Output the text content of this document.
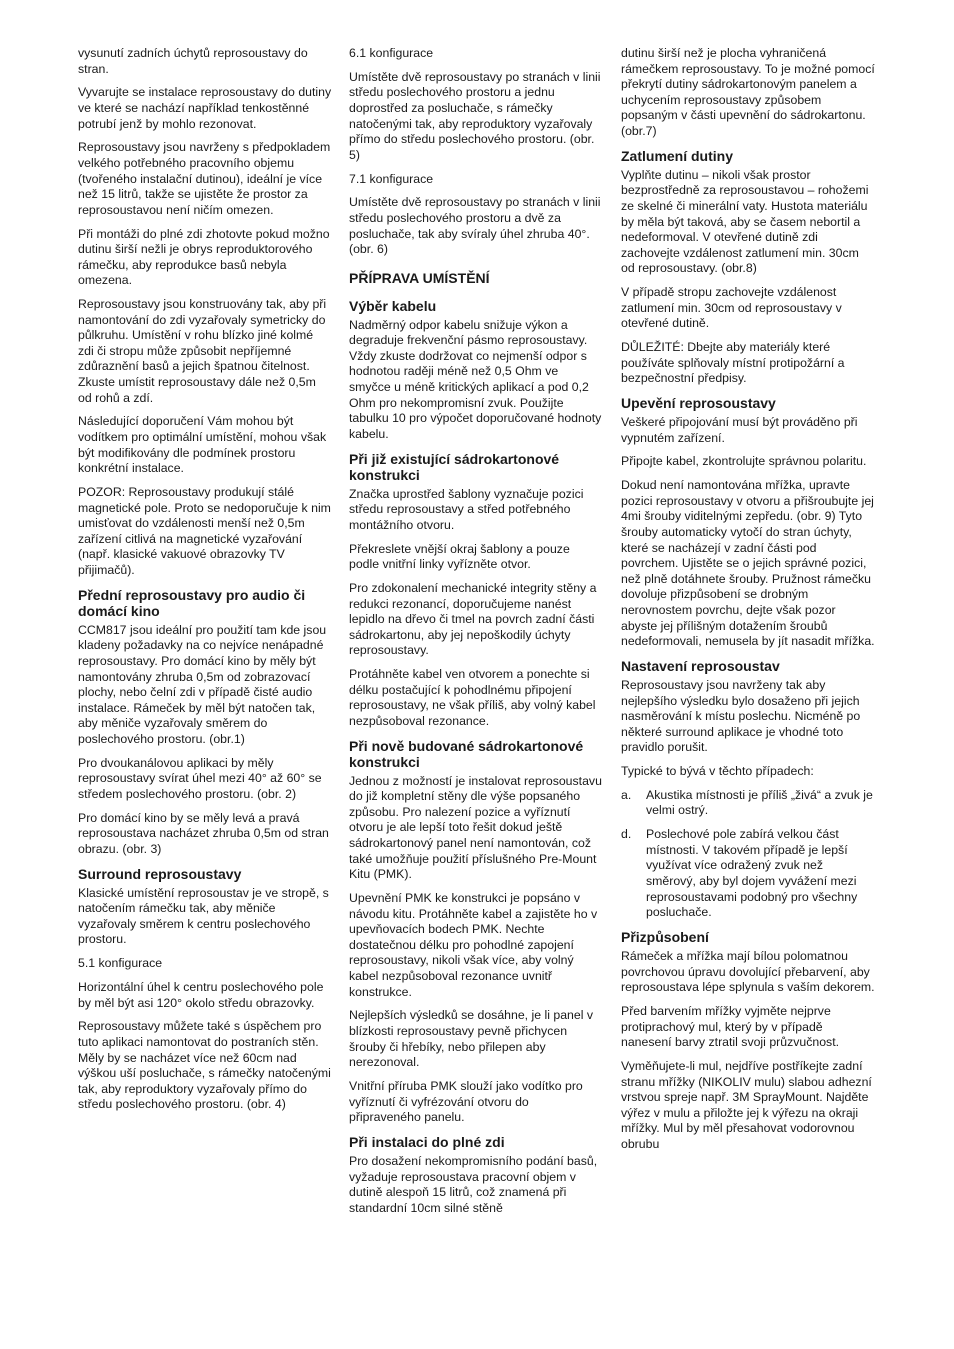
vysunutí zadních úchytů reprosoustavy do stran.

Vyvarujte se instalace reprosoustavy do dutiny ve které se nachází například tenkostěnné potrubí jenž by mohlo rezonovat.

Reprosoustavy jsou navrženy s předpokladem velkého potřebného pracovního objemu (tvořeného instalační dutinou), ideální je více než 15 litrů, takže se ujistěte že prostor za reprosoustavou není ničím omezen.

Při montáži do plné zdi zhotovte pokud možno dutinu širší nežli je obrys reproduktorového rámečku, aby reprodukce basů nebyla omezena.

Reprosoustavy jsou konstruovány tak, aby při namontování do zdi vyzařovaly symetricky do půlkruhu. Umístění v rohu blízko jiné kolmé zdi či stropu může způsobit nepříjemné zdůraznění basů a jejich špatnou čitelnost. Zkuste umístit reprosoustavy dále než 0,5m od rohů a zdí.

Následující doporučení Vám mohou být vodítkem pro optimální umístění, mohou však být modifikovány dle podmínek prostoru konkrétní instalace.

POZOR: Reprosoustavy produkují stálé magnetické pole. Proto se nedoporučuje k nim umisťovat do vzdálenosti menší než 0,5m zařízení citlivá na magnetické vyzařování (např. klasické vakuové obrazovky TV přijimačů).

Přední reprosoustavy pro audio či domácí kino

CCM817 jsou ideální pro použití tam kde jsou kladeny požadavky na co nejvíce nenápadné reprosoustavy. Pro domácí kino by měly být namontovány zhruba 0,5m od zobrazovací plochy, nebo čelní zdi v případě čisté audio instalace. Rámeček by měl být natočen tak, aby měniče vyzařovaly směrem do poslechového prostoru. (obr.1)

Pro dvoukanálovou aplikaci by měly reprosoustavy svírat úhel mezi 40° až 60° se středem poslechového prostoru. (obr. 2)

Pro domácí kino by se měly levá a pravá reprosoustava nacházet zhruba 0,5m od stran obrazu. (obr. 3)

Surround reprosoustavy

Klasické umístění reprosoustav je ve stropě, s natočením rámečku tak, aby měniče vyzařovaly směrem k centru poslechového prostoru.

5.1 konfigurace

Horizontální úhel k centru poslechového pole by měl být asi 120° okolo středu obrazovky.

Reprosoustavy můžete také s úspěchem pro tuto aplikaci namontovat do postraních stěn. Měly by se nacházet více než 60cm nad výškou uší posluchače, s rámečky natočenými tak, aby reproduktory vyzařovaly přímo do středu poslechového prostoru. (obr. 4)

6.1 konfigurace

Umístěte dvě reprosoustavy po stranách v linii středu poslechového prostoru a jednu doprostřed za posluchače, s rámečky natočenými tak, aby reproduktory vyzařovaly přímo do středu poslechového prostoru. (obr. 5)

7.1 konfigurace

Umístěte dvě reprosoustavy po stranách v linii středu poslechového prostoru a dvě za posluchače, tak aby svíraly úhel zhruba 40°. (obr. 6)

PŘÍPRAVA UMÍSTĚNÍ
Výběr kabelu

Nadměrný odpor kabelu snižuje výkon a degraduje frekvenční pásmo reprosoustavy. Vždy zkuste dodržovat co nejmenší odpor s hodnotou raději méně než 0,5 Ohm ve smyčce u méně kritických aplikací a pod 0,2 Ohm pro nekompromisní zvuk. Použijte tabulku 10 pro výpočet doporučované hodnoty kabelu.

Při již existující sádrokartonové konstrukci

Značka uprostřed šablony vyznačuje pozici středu reprosoustavy a střed potřebného montážního otvoru.

Překreslete vnější okraj šablony a pouze podle vnitřní linky vyřízněte otvor.

Pro zdokonalení mechanické integrity stěny a redukci rezonancí, doporučujeme nanést lepidlo na dřevo či tmel na povrch zadní části sádrokartonu, aby jej nepoškodily úchyty reprosoustavy.

Protáhněte kabel ven otvorem a ponechte si délku postačující k pohodlnému připojení reprosoustavy, ne však příliš, aby volný kabel nezpůsoboval rezonance.

Při nově budované sádrokartonové konstrukci

Jednou z možností je instalovat reprosoustavu do již kompletní stěny dle výše popsaného způsobu. Pro nalezení pozice a vyříznutí otvoru je ale lepší toto řešit dokud ještě sádrokartonový panel není namontován, což také umožňuje použití příslušného Pre-Mount Kitu (PMK).

Upevnění PMK ke konstrukci je popsáno v návodu kitu. Protáhněte kabel a zajistěte ho v upevňovacích bodech PMK. Nechte dostatečnou délku pro pohodlné zapojení reprosoustavy, nikoli však více, aby volný kabel nezpůsoboval rezonance uvnitř konstrukce.

Nejlepších výsledků se dosáhne, je li panel v blízkosti reprosoustavy pevně přichycen šrouby či hřebíky, nebo přilepen aby nerezonoval.

Vnitřní příruba PMK slouží jako vodítko pro vyříznutí či vyfrézování otvoru do připraveného panelu.

Při instalaci do plné zdi

Pro dosažení nekompromisního podání basů, vyžaduje reprosoustava pracovní objem v dutině alespoň 15 litrů, což znamená při standardní 10cm silné stěně

dutinu širší než je plocha vyhraničená rámečkem reprosoustavy. To je možné pomocí překrytí dutiny sádrokartonovým panelem a uchycením reprosoustavy způsobem popsaným v části upevnění do sádrokartonu. (obr.7)

Zatlumení dutiny

Vyplňte dutinu – nikoli však prostor bezprostředně za reprosoustavou – rohožemi ze skelné či minerální vaty. Hustota materiálu by měla být taková, aby se časem nebortil a nedeformoval. V otevřené dutině zdi zachovejte vzdálenost zatlumení min. 30cm od reprosoustavy. (obr.8)

V případě stropu zachovejte vzdálenost zatlumení min. 30cm od reprosoustavy v otevřené dutině.

DŮLEŽITÉ: Dbejte aby materiály které používáte splňovaly místní protipožární a bezpečnostní předpisy.

Upevění reprosoustavy

Veškeré připojování musí být prováděno při vypnutém zařízení.

Připojte kabel, zkontrolujte správnou polaritu.

Dokud není namontována mřížka, upravte pozici reprosoustavy v otvoru a přišroubujte jej 4mi šrouby viditelnými zepředu. (obr. 9) Tyto šrouby automaticky vytočí do stran úchyty, které se nacházejí v zadní části pod povrchem. Ujistěte se o jejich správné pozici, než plně dotáhnete šrouby. Pružnost rámečku dovoluje přizpůsobení se drobným nerovnostem povrchu, dejte však pozor abyste jej přílišným dotažením šroubů nedeformovali, nemusela by jít nasadit mřížka.

Nastavení reprosoustav

Reprosoustavy jsou navrženy tak aby nejlepšího výsledku bylo dosaženo při jejich nasměrování k místu poslechu. Nicméně po některé surround aplikace je vhodné toto pravidlo porušit.

Typické to bývá v těchto případech:

a.	Akustika místnosti je příliš „živá“ a zvuk je velmi ostrý.
d.	Poslechové pole zabírá velkou část místnosti. V takovém případě je lepší využívat více odražený zvuk než směrový, aby byl dojem vyvážení mezi reprosoustavami podobný pro všechny posluchače.
Přizpůsobení

Rámeček a mřížka mají bílou polomatnou povrchovou úpravu dovolující přebarvení, aby reprosoustava lépe splynula s vaším dekorem.

Před barvením mřížky vyjměte nejprve protiprachový mul, který by v případě nanesení barvy ztratil svoji průzvučnost.

Vyměňujete-li mul, nejdříve postříkejte zadní stranu mřížky (NIKOLIV mulu) slabou adhezní vrstvou spreje např. 3M SprayMount. Najděte výřez v mulu a přiložte jej k výřezu na okraji mřížky. Mul by měl přesahovat vodorovnou obrubu
